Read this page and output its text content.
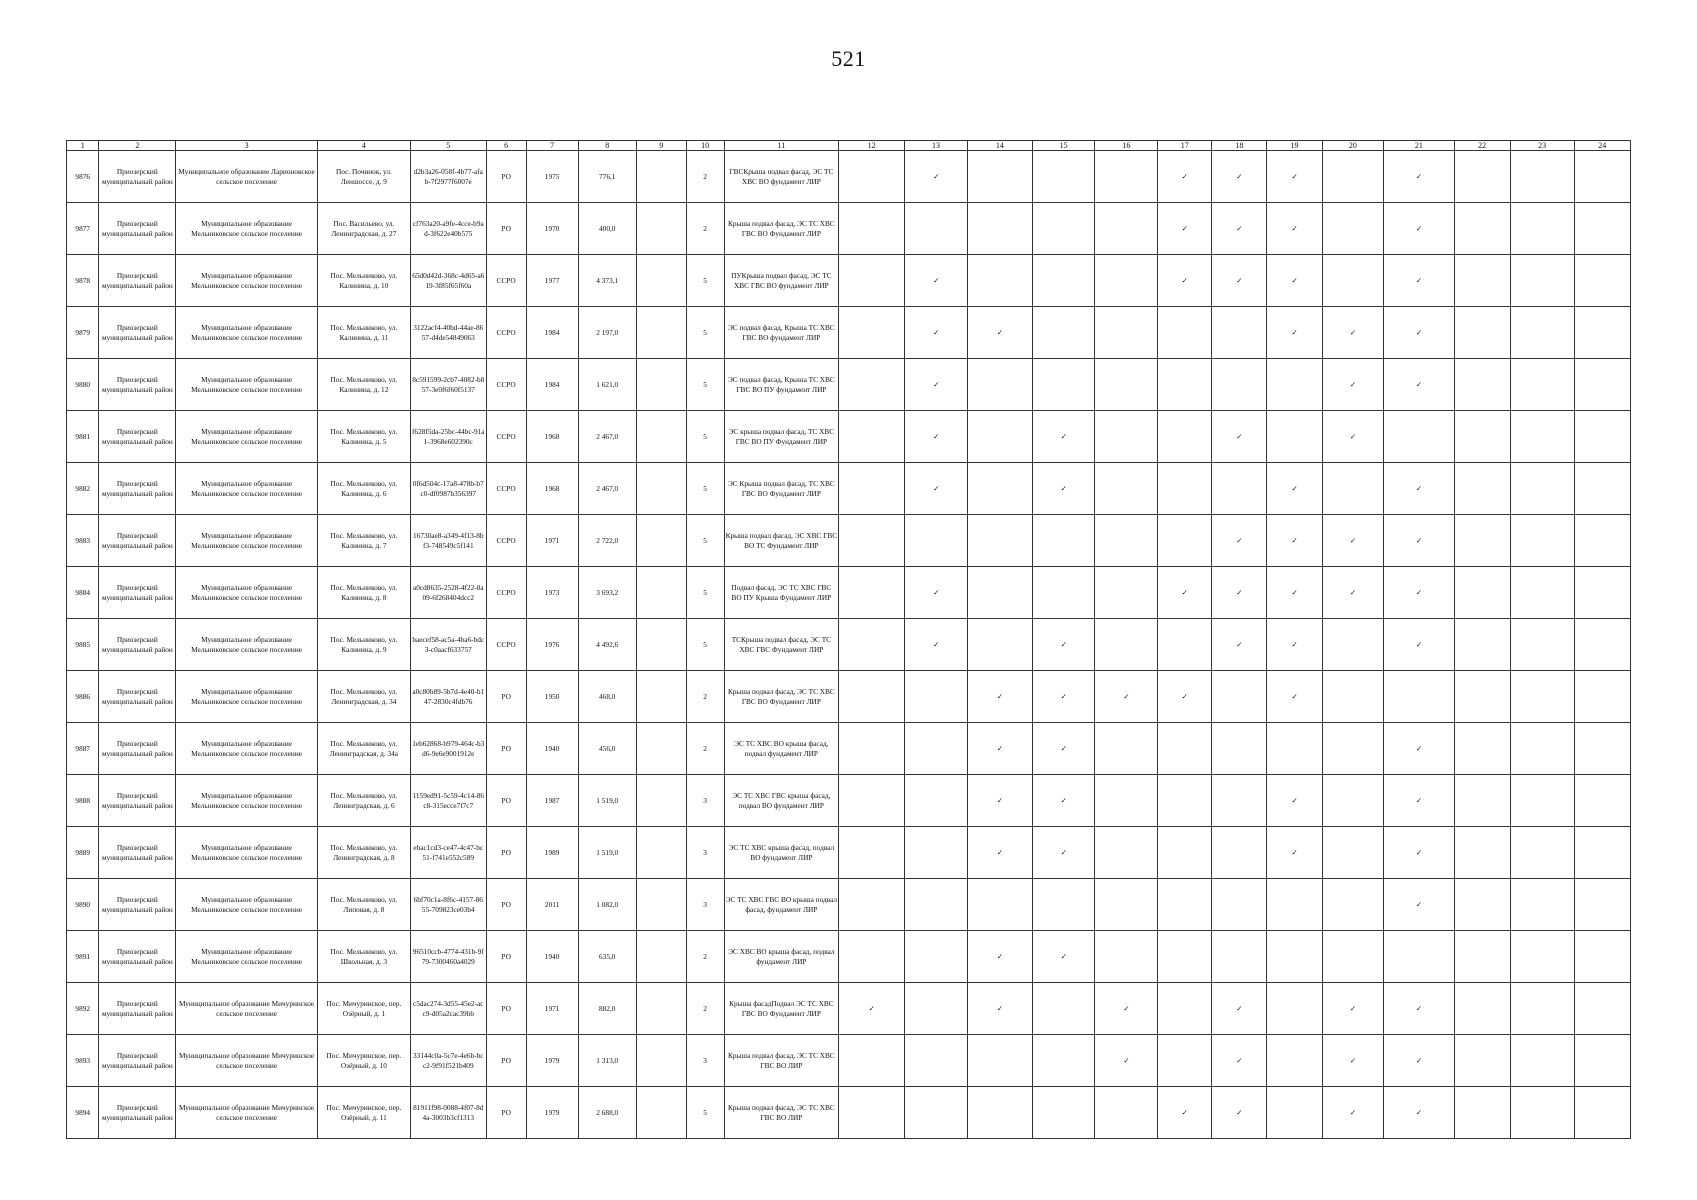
521
1	2	3	4	5	6	7	8	9	10	11	12	13	14	15	16	17	18	19	20	21	22	23	24
9876	Приозерский муниципальный район	Муниципальное образование Ларионовское сельское поселение	Пос. Починок, ул. Леншоссе, д. 9	d2b3a26-058f-4b77-afab-7f2977f6007e	РО	1975	776,1		2	ГВСКрыша подвал фасад, ЭС ТС ХВС ВО фундамент ЛИР		✓				✓	✓	✓		✓			
9877	Приозерский муниципальный район	Муниципальное образование Мельниковское сельское поселение	Пос. Васильево, ул. Ленинградская, д. 27	cf763a20-a9fe-4cce-b9ad-3f622e40b575	РО	1970	400,0		2	Крыша подвал фасад, ЭС ТС ХВС ГВС ВО Фундамент ЛИР						✓	✓	✓		✓			
9878	Приозерский муниципальный район	Муниципальное образование Мельниковское сельское поселение	Пос. Мельниково, ул. Калинина, д. 10	65d0d42d-368c-4d65-a619-3f85f65f60a	ССРО	1977	4 373,1		5	ПУКрыша подвал фасад, ЭС ТС ХВС ГВС ВО фундамент ЛИР		✓				✓	✓	✓		✓			
9879	Приозерский муниципальный район	Муниципальное образование Мельниковское сельское поселение	Пос. Мельниково, ул. Калинина, д. 11	3122acf4-40bd-44ae-8657-d4de54849063	ССРО	1984	2 197,0		5	ЭС подвал фасад, Крыша ТС ХВС ГВС ВО фундамент ЛИР		✓	✓					✓	✓	✓			
9880	Приозерский муниципальный район	Муниципальное образование Мельниковское сельское поселение	Пос. Мельниково, ул. Калинина, д. 12	8c591599-2cb7-4082-b857-3e0f6f60f5137	ССРО	1984	1 621,0		5	ЭС подвал фасад, Крыша ТС ХВС ГВС ВО ПУ фундамент ЛИР		✓							✓	✓			
9881	Приозерский муниципальный район	Муниципальное образование Мельниковское сельское поселение	Пос. Мельниково, ул. Калинина, д. 5	f628f5da-25bc-44bc-91a1-3968e602390c	ССРО	1968	2 467,0		5	ЭС крыша подвал фасад, ТС ХВС ГВС ВО ПУ Фундамент ЛИР		✓		✓			✓		✓				
9882	Приозерский муниципальный район	Муниципальное образование Мельниковское сельское поселение	Пос. Мельниково, ул. Калинина, д. 6	0f6d504c-17a8-478b-b7c0-df0987b356397	ССРО	1968	2 467,0		5	ЭС Крыша подвал фасад, ТС ХВС ГВС ВО Фундамент ЛИР		✓		✓				✓		✓			
9883	Приозерский муниципальный район	Муниципальное образование Мельниковское сельское поселение	Пос. Мельниково, ул. Калинина, д. 7	16730ae8-a349-4f13-8bf3-748549c5f141	ССРО	1971	2 722,0		5	Крыша подвал фасад, ЭС ХВС ГВС ВО ТС Фундамент ЛИР							✓	✓	✓	✓			
9884	Приозерский муниципальный район	Муниципальное образование Мельниковское сельское поселение	Пос. Мельниково, ул. Калинина, д. 8	a0cd8635-2528-4f22-8a09-6f268404dcc2	ССРО	1973	3 693,2		5	Подвал фасад, ЭС ТС ХВС ГВС ВО ПУ Крыша Фундамент ЛИР		✓				✓	✓	✓	✓	✓			
9885	Приозерский муниципальный район	Муниципальное образование Мельниковское сельское поселение	Пос. Мельниково, ул. Калинина, д. 9	baecef58-ac5a-4ba6-bdc3-c0aacf633757	ССРО	1976	4 492,6		5	ТСКрыша подвал фасад, ЭС ТС ХВС ГВС Фундамент ЛИР		✓		✓			✓	✓		✓			
9886	Приозерский муниципальный район	Муниципальное образование Мельниковское сельское поселение	Пос. Мельниково, ул. Ленинградская, д. 34	a0c80b89-5b7d-4e40-b147-2830c4fdb76	РО	1950	468,0		2	Крыша подвал фасад, ЭС ТС ХВС ГВС ВО Фундамент ЛИР			✓	✓	✓	✓		✓					
9887	Приозерский муниципальный район	Муниципальное образование Мельниковское сельское поселение	Пос. Мельниково, ул. Ленинградская, д. 34а	1eb62868-b979-464c-b3d6-9e6e9001912e	РО	1940	456,0		2	ЭС ТС ХВС ВО крыша фасад, подвал фундамент ЛИР			✓	✓						✓			
9888	Приозерский муниципальный район	Муниципальное образование Мельниковское сельское поселение	Пос. Мельниково, ул. Ленинградская, д. 6	1159ed91-5c59-4c14-86c8-315ecce7f7c7	РО	1987	1 519,0		3	ЭС ТС ХВС ГВС крыша фасад, подвал ВО фундамент ЛИР			✓	✓				✓		✓			
9889	Приозерский муниципальный район	Муниципальное образование Мельниковское сельское поселение	Пос. Мельниково, ул. Ленинградская, д. 8	ebac1cd3-ce47-4c47-bc51-f741e552c589	РО	1989	1 519,0		3	ЭС ТС ХВС крыша фасад, подвал ВО фундамент ЛИР			✓	✓				✓		✓			
9890	Приозерский муниципальный район	Муниципальное образование Мельниковское сельское поселение	Пос. Мельниково, ул. Липовая, д. 8	6bf70c1a-8f6c-4157-8655-709823ce03b4	РО	2011	1 082,0		3	ЭС ТС ХВС ГВС ВО крыша подвал фасад, фундамент ЛИР										✓			
9891	Приозерский муниципальный район	Муниципальное образование Мельниковское сельское поселение	Пос. Мельниково, ул. Школьная, д. 3	96510ccb-4774-431b-9f79-7300460a4029	РО	1940	635,0		2	ЭС ХВС ВО крыша фасад, подвал фундамент ЛИР			✓	✓									
9892	Приозерский муниципальный район	Муниципальное образование Мичуринское сельское поселение	Пос. Мичуринское, пер. Озёрный, д. 1	c5dac274-3d55-45e2-acc9-d05a2cac39bb	РО	1971	882,0		2	Крыша фасадПодвал ЭС ТС ХВС ГВС ВО Фундамент ЛИР	✓		✓		✓		✓		✓	✓			
9893	Приозерский муниципальный район	Муниципальное образование Мичуринское сельское поселение	Пос. Мичуринское, пер. Озёрный, д. 10	33144c0a-5c7e-4e6b-bcc2-9f91f521b409	РО	1979	1 313,0		3	Крыша подвал фасад, ЭС ТС ХВС ГВС ВО ЛИР					✓		✓		✓	✓			
9894	Приозерский муниципальный район	Муниципальное образование Мичуринское сельское поселение	Пос. Мичуринское, пер. Озёрный, д. 11	81911f98-0088-4f07-8d4a-3003b3cf1313	РО	1979	2 688,0		5	Крыша подвал фасад, ЭС ТС ХВС ГВС ВО ЛИР						✓	✓		✓	✓			
